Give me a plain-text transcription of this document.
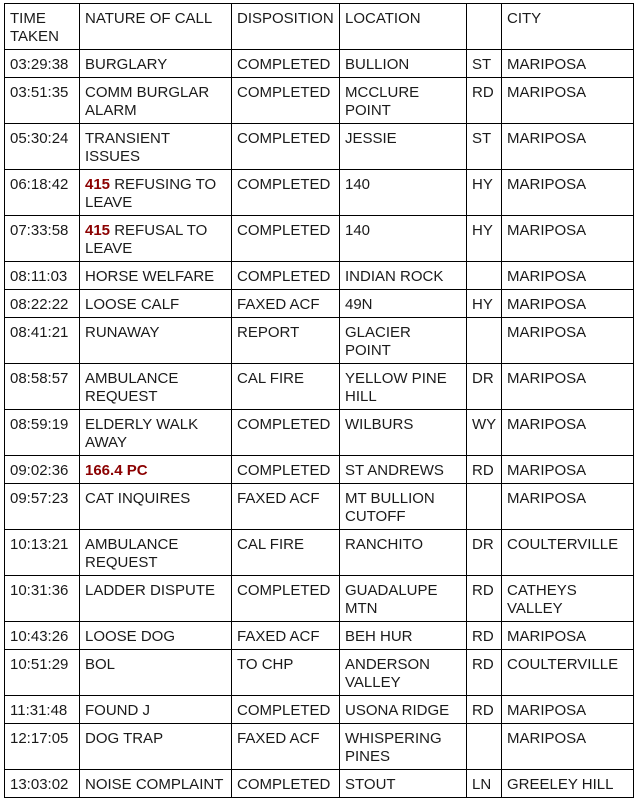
TIME
TAKEN	NATURE OF CALL	DISPOSITION	LOCATION		CITY
03:29:38	BURGLARY	COMPLETED	BULLION	ST	MARIPOSA
03:51:35	COMM BURGLAR
ALARM	COMPLETED	MCCLURE
POINT	RD	MARIPOSA
05:30:24	TRANSIENT
ISSUES	COMPLETED	JESSIE	ST	MARIPOSA
06:18:42	415 REFUSING TO
LEAVE	COMPLETED	140	HY	MARIPOSA
07:33:58	415 REFUSAL TO
LEAVE	COMPLETED	140	HY	MARIPOSA
08:11:03	HORSE WELFARE	COMPLETED	INDIAN ROCK		MARIPOSA
08:22:22	LOOSE CALF	FAXED ACF	49N	HY	MARIPOSA
08:41:21	RUNAWAY	REPORT	GLACIER
POINT		MARIPOSA
08:58:57	AMBULANCE
REQUEST	CAL FIRE	YELLOW PINE
HILL	DR	MARIPOSA
08:59:19	ELDERLY WALK
AWAY	COMPLETED	WILBURS	WY	MARIPOSA
09:02:36	166.4 PC	COMPLETED	ST ANDREWS	RD	MARIPOSA
09:57:23	CAT INQUIRES	FAXED ACF	MT BULLION
CUTOFF		MARIPOSA
10:13:21	AMBULANCE
REQUEST	CAL FIRE	RANCHITO	DR	COULTERVILLE
10:31:36	LADDER DISPUTE	COMPLETED	GUADALUPE
MTN	RD	CATHEYS
VALLEY
10:43:26	LOOSE DOG	FAXED ACF	BEH HUR	RD	MARIPOSA
10:51:29	BOL	TO CHP	ANDERSON
VALLEY	RD	COULTERVILLE
11:31:48	FOUND J	COMPLETED	USONA RIDGE	RD	MARIPOSA
12:17:05	DOG TRAP	FAXED ACF	WHISPERING
PINES		MARIPOSA
13:03:02	NOISE COMPLAINT	COMPLETED	STOUT	LN	GREELEY HILL
